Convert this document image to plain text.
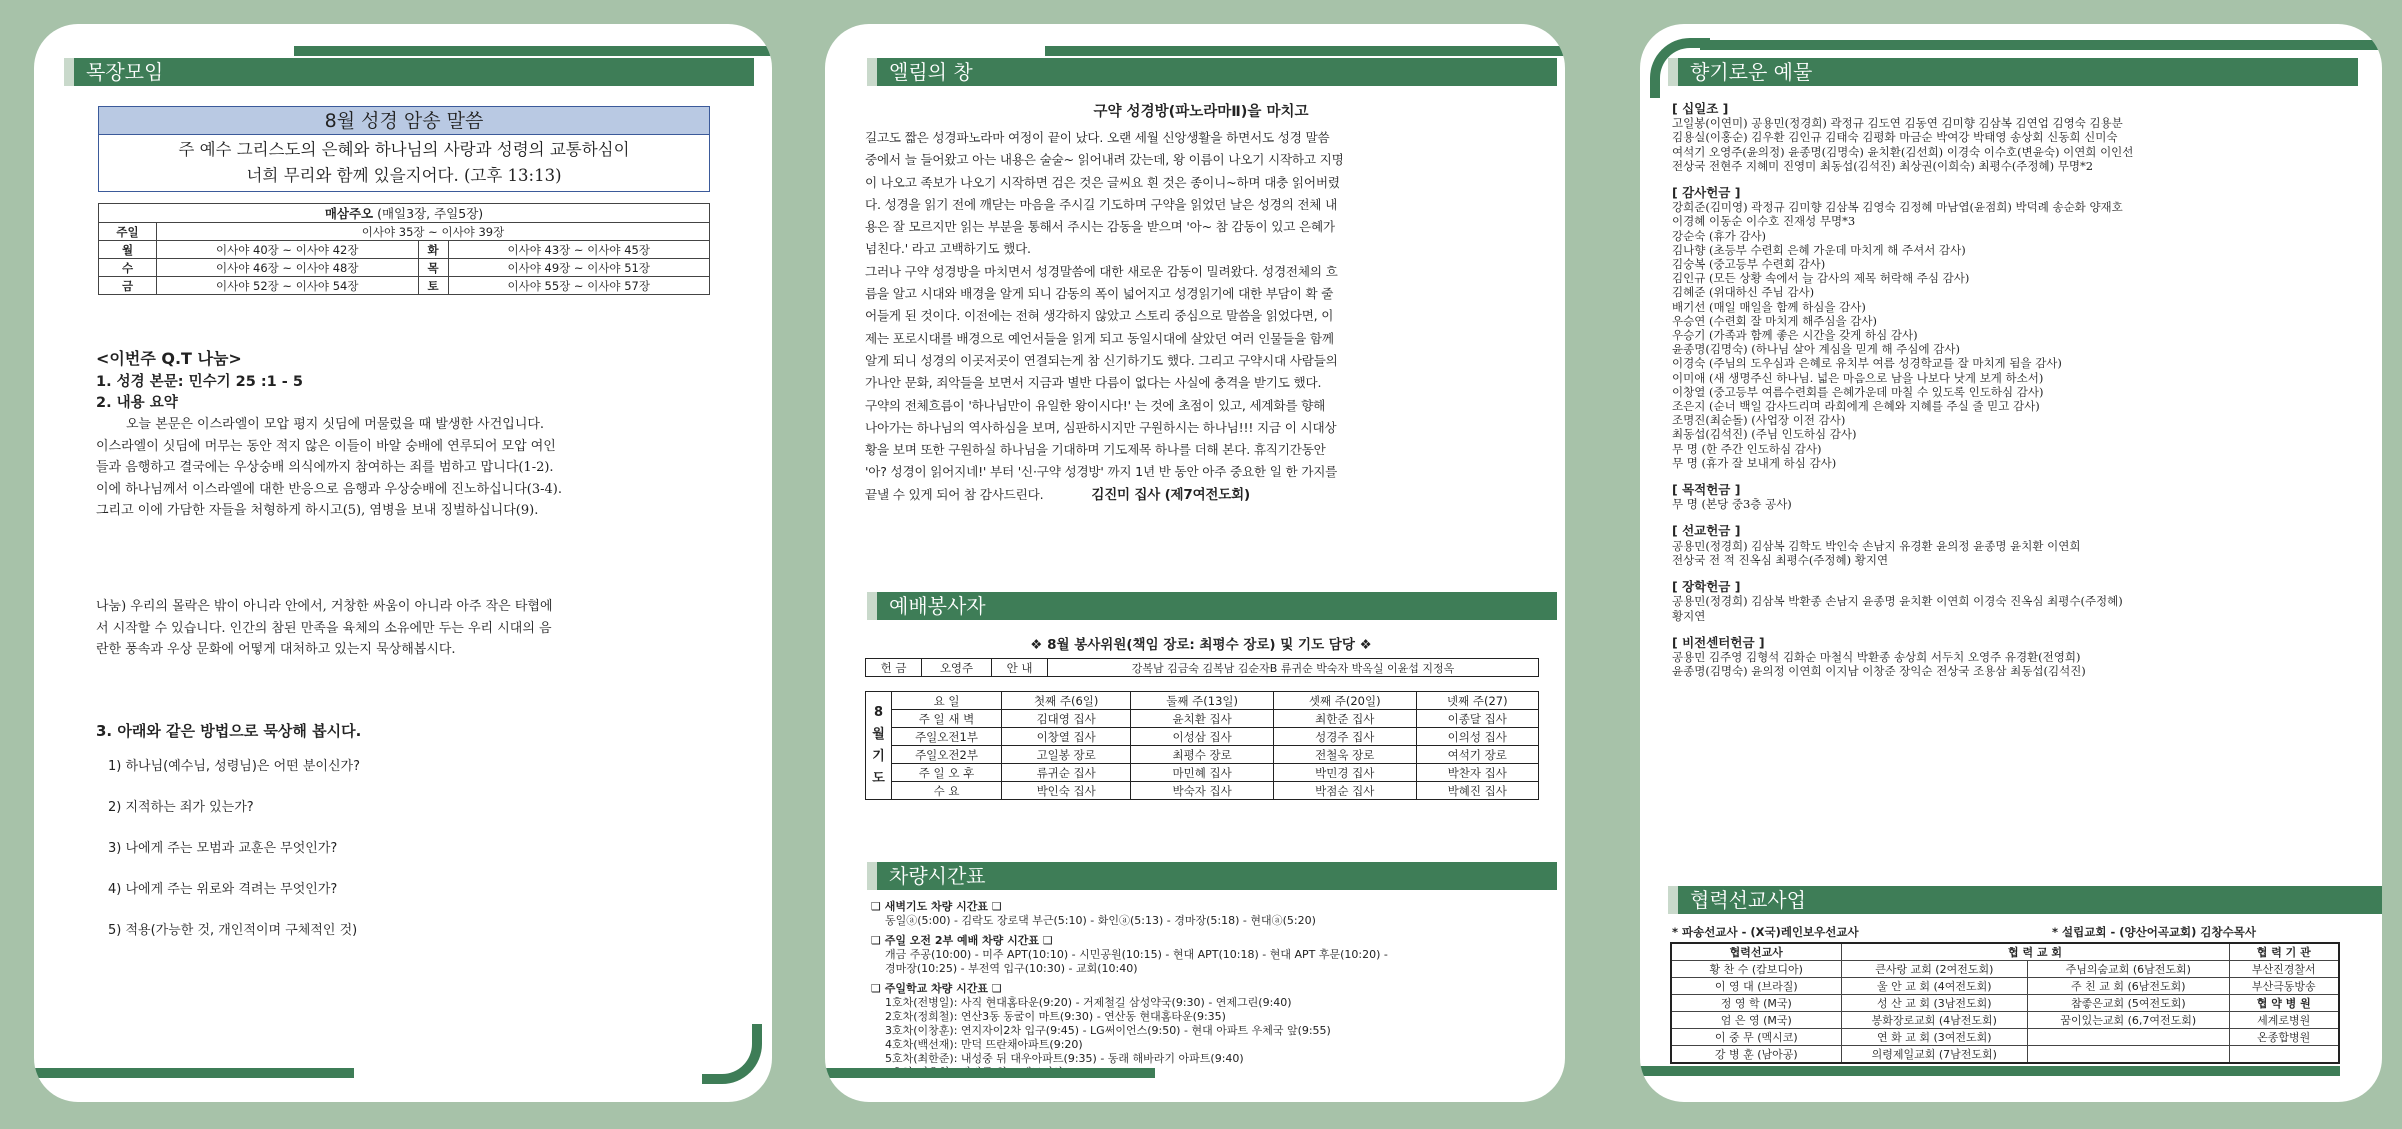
목장모임
8월 성경 암송 말씀
주 예수 그리스도의 은혜와 하나님의 사랑과 성령의 교통하심이
너희 무리와 함께 있을지어다. (고후 13:13)
매삼주오 (매일3장, 주일5장)			
주일	이사야 35장 ~ 이사야 39장		
월	이사야 40장 ~ 이사야 42장	화	이사야 43장 ~ 이사야 45장
수	이사야 46장 ~ 이사야 48장	목	이사야 49장 ~ 이사야 51장
금	이사야 52장 ~ 이사야 54장	토	이사야 55장 ~ 이사야 57장
<이번주 Q.T 나눔>
1. 성경 본문: 민수기 25 :1 - 5
2. 내용 요약
오늘 본문은 이스라엘이 모압 평지 싯딤에 머물렀을 때 발생한 사건입니다.
이스라엘이 싯딤에 머무는 동안 적지 않은 이들이 바알 숭배에 연루되어 모압 여인
들과 음행하고 결국에는 우상숭배 의식에까지 참여하는 죄를 범하고 맙니다(1-2).
이에 하나님께서 이스라엘에 대한 반응으로 음행과 우상숭배에 진노하십니다(3-4).
그리고 이에 가담한 자들을 처형하게 하시고(5), 염병을 보내 징벌하십니다(9).
나눔) 우리의 몰락은 밖이 아니라 안에서, 거창한 싸움이 아니라 아주 작은 타협에
서 시작할 수 있습니다. 인간의 참된 만족을 육체의 소유에만 두는 우리 시대의 음
란한 풍속과 우상 문화에 어떻게 대처하고 있는지 묵상해봅시다.
3. 아래와 같은 방법으로 묵상해 봅시다.
1) 하나님(예수님, 성령님)은 어떤 분이신가?
2) 지적하는 죄가 있는가?
3) 나에게 주는 모범과 교훈은 무엇인가?
4) 나에게 주는 위로와 격려는 무엇인가?
5) 적용(가능한 것, 개인적이며 구체적인 것)
엘림의 창
구약 성경방(파노라마Ⅱ)을 마치고
길고도 짧은 성경파노라마 여정이 끝이 났다. 오랜 세월 신앙생활을 하면서도 성경 말씀
중에서 늘 들어왔고 아는 내용은 술술~ 읽어내려 갔는데, 왕 이름이 나오기 시작하고 지명
이 나오고 족보가 나오기 시작하면 검은 것은 글씨요 흰 것은 종이니~하며 대충 읽어버렸
다. 성경을 읽기 전에 깨닫는 마음을 주시길 기도하며 구약을 읽었던 날은 성경의 전체 내
용은 잘 모르지만 읽는 부분을 통해서 주시는 감동을 받으며 '아~ 참 감동이 있고 은혜가
넘친다.' 라고 고백하기도 했다.
그러나 구약 성경방을 마치면서 성경말씀에 대한 새로운 감동이 밀려왔다. 성경전체의 흐
름을 알고 시대와 배경을 알게 되니 감동의 폭이 넓어지고 성경읽기에 대한 부담이 확 줄
어들게 된 것이다. 이전에는 전혀 생각하지 않았고 스토리 중심으로 말씀을 읽었다면, 이
제는 포로시대를 배경으로 예언서들을 읽게 되고 동일시대에 살았던 여러 인물들을 함께
알게 되니 성경의 이곳저곳이 연결되는게 참 신기하기도 했다. 그리고 구약시대 사람들의
가나안 문화, 죄악들을 보면서 지금과 별반 다름이 없다는 사실에 충격을 받기도 했다.
구약의 전체흐름이 '하나님만이 유일한 왕이시다!' 는 것에 초점이 있고, 세계화를 향해
나아가는 하나님의 역사하심을 보며, 심판하시지만 구원하시는 하나님!!! 지금 이 시대상
황을 보며 또한 구원하실 하나님을 기대하며 기도제목 하나를 더해 본다. 휴직기간동안
'아? 성경이 읽어지네!' 부터 '신·구약 성경방' 까지 1년 반 동안 아주 중요한 일 한 가지를
끝낼 수 있게 되어 참 감사드린다.	김진미 집사 (제7여전도회)
예배봉사자
❖ 8월 봉사위원(책임 장로: 최평수 장로) 및 기도 담당 ❖
헌 금	오영주	안 내	강복남 김금숙 김복남 김순자B 류귀순 박숙자 박옥실 이윤섭 지정옥
8월 기도	요 일	첫째 주(6일)	둘째 주(13일)	셋째 주(20일)	넷째 주(27)
	주 일 새 벽	김대영 집사	윤치환 집사	최한준 집사	이종달 집사
	주일오전1부	이창열 집사	이성삼 집사	성경주 집사	이의성 집사
	주일오전2부	고일봉 장로	최평수 장로	전철욱 장로	여석기 장로
	주 일 오 후	류귀순 집사	마민혜 집사	박민경 집사	박찬자 집사
	수 요	박인숙 집사	박숙자 집사	박점순 집사	박혜진 집사
차량시간표
❑ 새벽기도 차량 시간표 ❑
동일ⓐ(5:00) - 김락도 장로댁 부근(5:10) - 화인ⓐ(5:13) - 경마장(5:18) - 현대ⓐ(5:20)
❑ 주일 오전 2부 예배 차량 시간표 ❑
개금 주공(10:00) - 미주 APT(10:10) - 시민공원(10:15) - 현대 APT(10:18) - 현대 APT 후문(10:20) -
경마장(10:25) - 부전역 입구(10:30) - 교회(10:40)
❑ 주일학교 차량 시간표 ❑
1호차(전병일): 사직 현대홈타운(9:20) - 거제철길 삼성약국(9:30) - 연제그린(9:40)
2호차(정희철): 연산3동 동굴이 마트(9:30) - 연산동 현대홈타운(9:35)
3호차(이창훈): 연지자이2차 입구(9:45) - LG써이언스(9:50) - 현대 아파트 우체국 앞(9:55)
4호차(백선재): 만덕 뜨란채아파트(9:20)
5호차(최한준): 내성중 뒤 대우아파트(9:35) - 동래 해바라기 아파트(9:40)
향기로운 예물
[ 십일조 ]
고일봉(이연미) 공용민(정경희) 곽정규 김도연 김동연 김미향 김삼복 김연업 김영숙 김용분
김용실(이홍순) 김우환 김인규 김태숙 김평화 마금순 박여강 박태영 송상회 신동희 신미숙
여석기 오영주(윤의정) 윤종명(김명숙) 윤치환(김선희) 이경숙 이수호(변윤숙) 이연희 이인선
전상국 전현주 지혜미 진영미 최동섭(김석진) 최상권(이희숙) 최평수(주정혜) 무명*2
[ 감사헌금 ]
강희준(김미영) 곽정규 김미향 김삼복 김영숙 김정혜 마남엽(윤점희) 박덕례 송순화 양재호
이경혜 이동순 이수호 진재성 무명*3
강순숙 (휴가 감사)
김나향 (초등부 수련회 은혜 가운데 마치게 해 주셔서 감사)
김숭복 (중고등부 수련회 감사)
김인규 (모든 상황 속에서 늘 감사의 제목 허락해 주심 감사)
김혜준 (위대하신 주님 감사)
배기선 (매일 매일을 함께 하심을 감사)
우승연 (수련회 잘 마치게 해주심을 감사)
우승기 (가족과 함께 좋은 시간을 갖게 하심 감사)
윤종명(김명숙) (하나님 살아 계심을 믿게 해 주심에 감사)
이경숙 (주님의 도우심과 은혜로 유치부 여름 성경학교를 잘 마치게 됨을 감사)
이미애 (새 생명주신 하나님. 넓은 마음으로 남을 나보다 낫게 보게 하소서)
이창열 (중고등부 여름수련회를 은혜가운데 마칠 수 있도록 인도하심 감사)
조은지 (순너 백일 감사드리며 라희에게 은혜와 지혜를 주실 줄 믿고 감사)
조명진(최순돌) (사업장 이전 감사)
최동섭(김석진) (주님 인도하심 감사)
무 명 (한 주간 인도하심 감사)
무 명 (휴가 잘 보내게 하심 감사)
[ 목적헌금 ]
무 명 (본당 중3층 공사)
[ 선교헌금 ]
공용민(정경희) 김삼복 김학도 박인숙 손남지 유경환 윤의정 윤종명 윤치환 이연희
전상국 전 적 진옥심 최평수(주정혜) 황지연
[ 장학헌금 ]
공용민(정경희) 김삼복 박환종 손남지 윤종명 윤치환 이연희 이경숙 진옥심 최평수(주정혜)
황지연
[ 비전센터헌금 ]
공용민 김주영 김형석 김화순 마철식 박환종 송상희 서두치 오영주 유경환(전영희)
윤종명(김명숙) 윤의정 이연희 이지남 이창준 장익순 전상국 조용삼 최동섭(김석진)
협력선교사업
* 파송선교사 - (X국)레인보우선교사	* 설립교회 - (양산어곡교회) 김창수목사
협력선교사	협 력 교 회		협 력 기 관
황 찬 수 (캄보디아)	큰사랑 교회 (2여전도회)	주님의숨교회 (6남전도회)	부산진경찰서
이 영 대 (브라질)	울 안 교 회 (4여전도회)	주 친 교 회 (6남전도회)	부산극동방송
정 영 학 (M국)	성 산 교 회 (3남전도회)	참좋은교회 (5여전도회)	협 약 병 원
엄 은 영 (M국)	봉화장로교회 (4남전도회)	꿈이있는교회 (6,7여전도회)	세계로병원
이 중 무 (멕시코)	연 화 교 회 (3여전도회)		온종합병원
강 병 훈 (남아공)	의령제일교회 (7남전도회)		
